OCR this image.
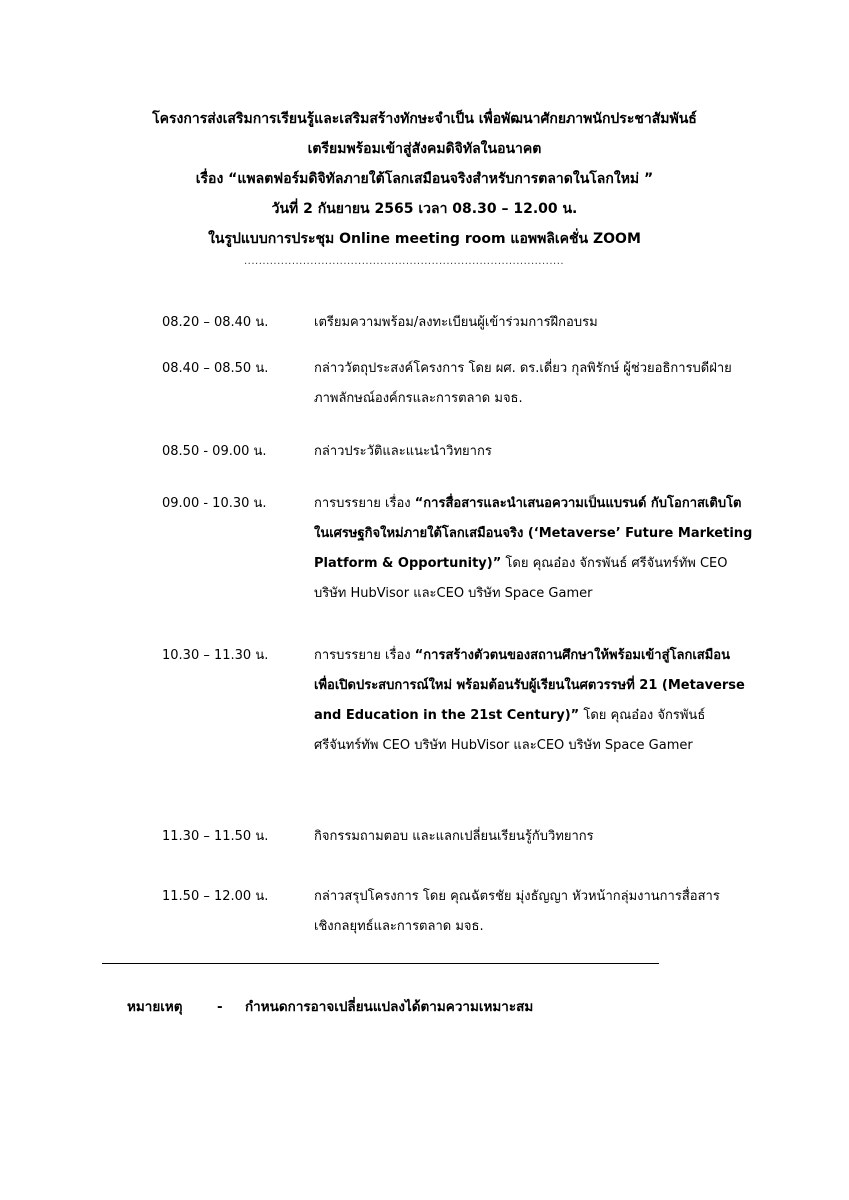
โครงการส่งเสริมการเรียนรู้และเสริมสร้างทักษะจำเป็น เพื่อพัฒนาศักยภาพนักประชาสัมพันธ์
เตรียมพร้อมเข้าสู่สังคมดิจิทัลในอนาคต
เรื่อง “แพลตฟอร์มดิจิทัลภายใต้โลกเสมือนจริงสำหรับการตลาดในโลกใหม่ ”
วันที่ 2 กันยายน 2565 เวลา 08.30 – 12.00 น.
ในรูปแบบการประชุม Online meeting room แอพพลิเคชั่น ZOOM
.......................................................................................
08.20 – 08.40 น.	เตรียมความพร้อม/ลงทะเบียนผู้เข้าร่วมการฝึกอบรม
08.40 – 08.50 น.	กล่าววัตถุประสงค์โครงการ โดย ผศ. ดร.เดี่ยว กุลพิรักษ์ ผู้ช่วยอธิการบดีฝ่ายภาพลักษณ์องค์กรและการตลาด มจธ.
08.50 - 09.00 น.	กล่าวประวัติและแนะนำวิทยากร
09.00 - 10.30 น.	การบรรยาย เรื่อง “การสื่อสารและนำเสนอความเป็นแบรนด์ กับโอกาสเติบโตในเศรษฐกิจใหม่ภายใต้โลกเสมือนจริง (‘Metaverse’ Future Marketing Platform & Opportunity)” โดย คุณอ๋อง จักรพันธ์ ศรีจันทร์ทัพ CEO บริษัท HubVisor และCEO บริษัท Space Gamer
10.30 – 11.30 น.	การบรรยาย เรื่อง “การสร้างตัวตนของสถานศึกษาให้พร้อมเข้าสู่โลกเสมือน เพื่อเปิดประสบการณ์ใหม่ พร้อมต้อนรับผู้เรียนในศตวรรษที่ 21 (Metaverse and Education in the 21st Century)” โดย คุณอ๋อง จักรพันธ์ ศรีจันทร์ทัพ CEO บริษัท HubVisor และCEO บริษัท Space Gamer
11.30 – 11.50 น.	กิจกรรมถามตอบ และแลกเปลี่ยนเรียนรู้กับวิทยากร
11.50 – 12.00 น.	กล่าวสรุปโครงการ โดย คุณฉัตรชัย มุ่งธัญญา หัวหน้ากลุ่มงานการสื่อสารเชิงกลยุทธ์และการตลาด มจธ.
หมายเหตุ	- กำหนดการอาจเปลี่ยนแปลงได้ตามความเหมาะสม
